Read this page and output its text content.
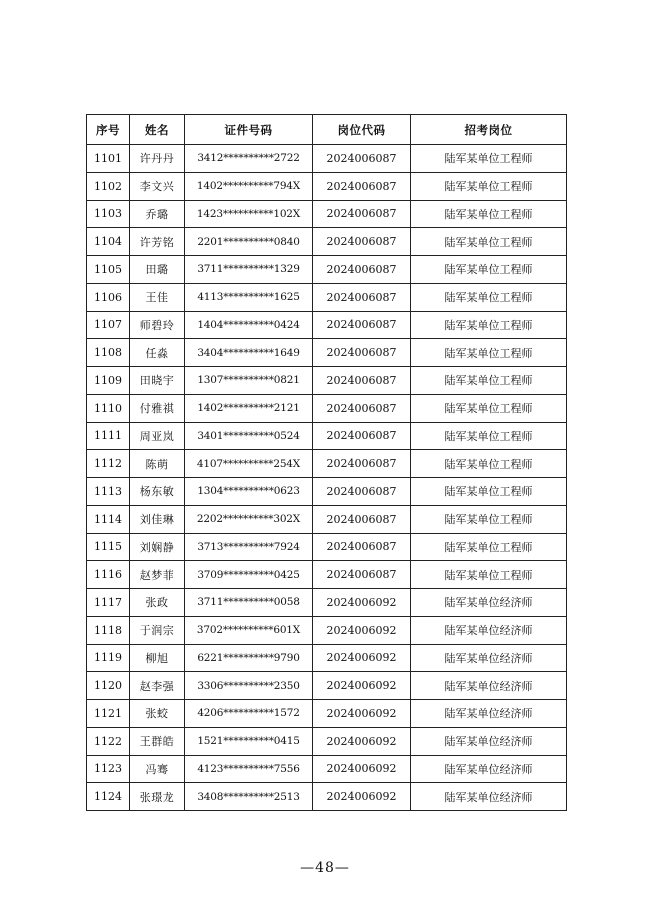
序号	姓名	证件号码	岗位代码	招考岗位
1101	许丹丹	3412**********2722	2024006087	陆军某单位工程师
1102	李文兴	1402**********794X	2024006087	陆军某单位工程师
1103	乔璐	1423**********102X	2024006087	陆军某单位工程师
1104	许芳铭	2201**********0840	2024006087	陆军某单位工程师
1105	田璐	3711**********1329	2024006087	陆军某单位工程师
1106	王佳	4113**********1625	2024006087	陆军某单位工程师
1107	师碧玲	1404**********0424	2024006087	陆军某单位工程师
1108	任淼	3404**********1649	2024006087	陆军某单位工程师
1109	田晓宇	1307**********0821	2024006087	陆军某单位工程师
1110	付雅祺	1402**********2121	2024006087	陆军某单位工程师
1111	周亚岚	3401**********0524	2024006087	陆军某单位工程师
1112	陈萌	4107**********254X	2024006087	陆军某单位工程师
1113	杨东敏	1304**********0623	2024006087	陆军某单位工程师
1114	刘佳琳	2202**********302X	2024006087	陆军某单位工程师
1115	刘娴静	3713**********7924	2024006087	陆军某单位工程师
1116	赵梦菲	3709**********0425	2024006087	陆军某单位工程师
1117	张政	3711**********0058	2024006092	陆军某单位经济师
1118	于润宗	3702**********601X	2024006092	陆军某单位经济师
1119	柳旭	6221**********9790	2024006092	陆军某单位经济师
1120	赵李强	3306**********2350	2024006092	陆军某单位经济师
1121	张蛟	4206**********1572	2024006092	陆军某单位经济师
1122	王群皓	1521**********0415	2024006092	陆军某单位经济师
1123	冯骞	4123**********7556	2024006092	陆军某单位经济师
1124	张璟龙	3408**********2513	2024006092	陆军某单位经济师
—48—
